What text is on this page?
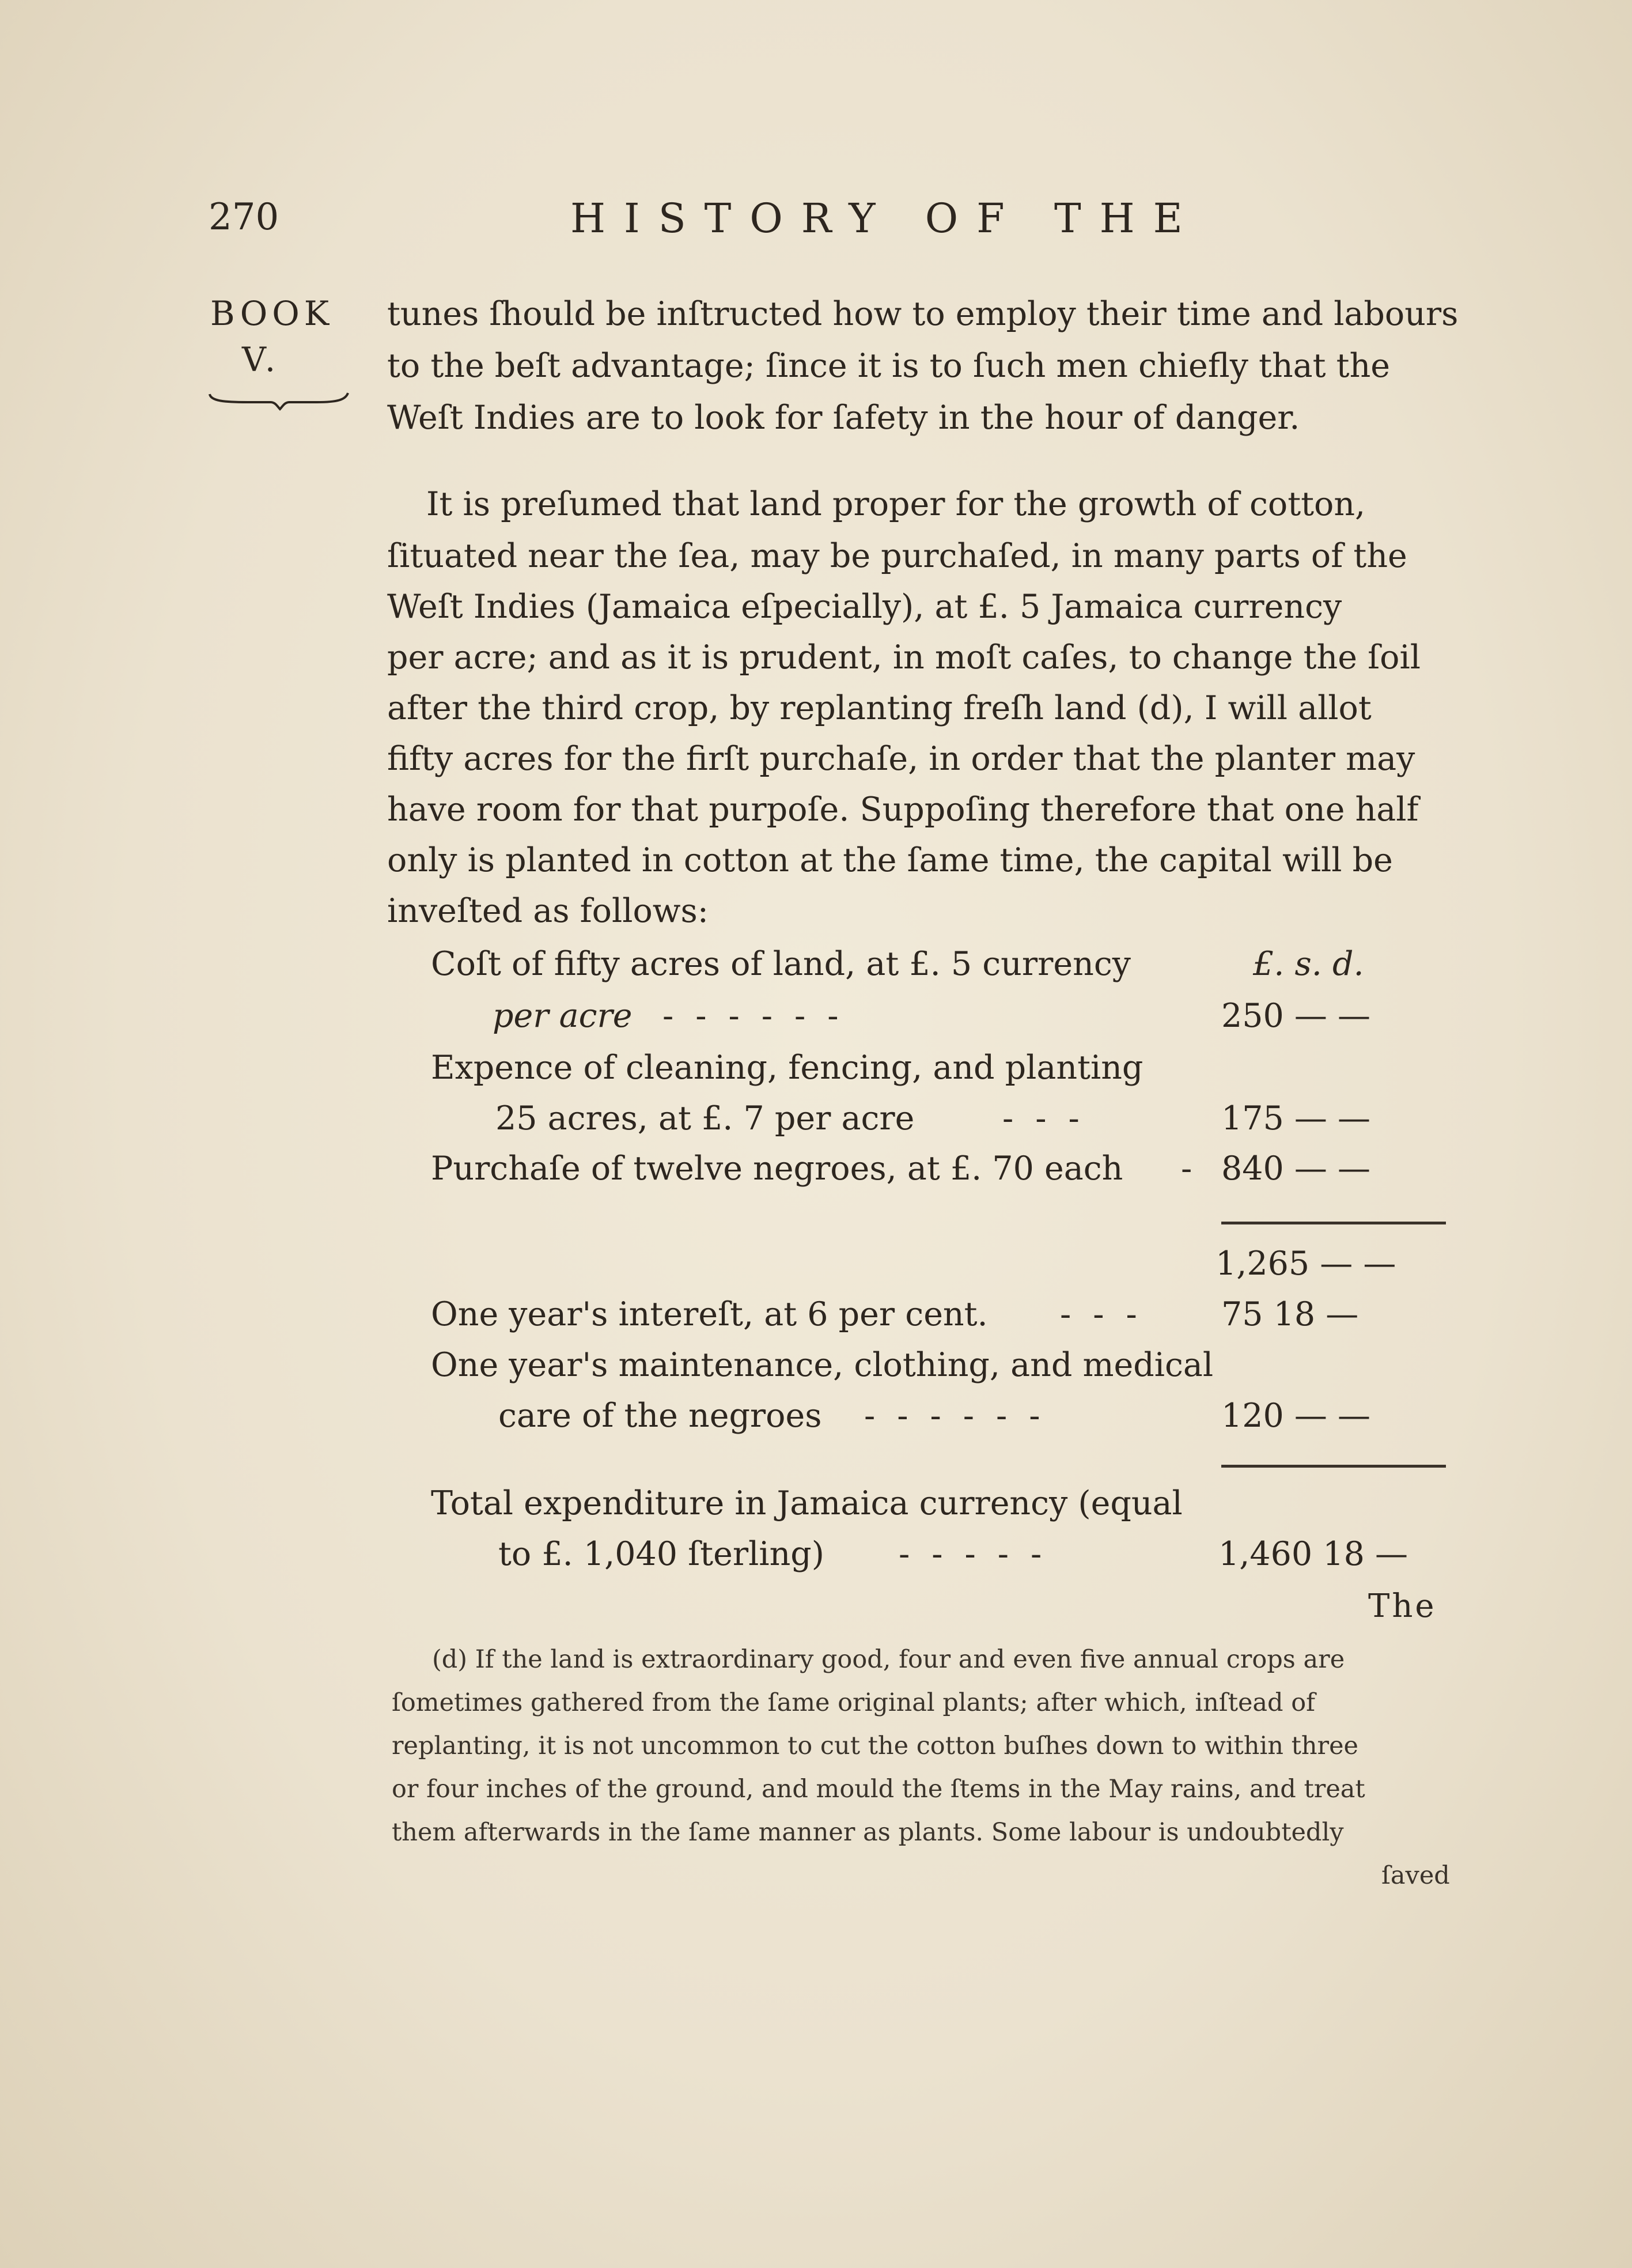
270	HISTORY OF THE
BOOK
V.
tunes ſhould be inſtructed how to employ their time and labours
to the beſt advantage; ſince it is to ſuch men chiefly that the
Weſt Indies are to look for ſafety in the hour of danger.
It is preſumed that land proper for the growth of cotton,
ſituated near the ſea, may be purchaſed, in many parts of the
Weſt Indies (Jamaica eſpecially), at £. 5 Jamaica currency
per acre; and as it is prudent, in moſt caſes, to change the ſoil
after the third crop, by replanting freſh land (d), I will allot
fifty acres for the firſt purchaſe, in order that the planter may
have room for that purpoſe. Suppoſing therefore that one half
only is planted in cotton at the ſame time, the capital will be
inveſted as follows:
£. s. d.
Coſt of fifty acres of land, at £. 5 currency
per acre ------	250 — —
Expence of cleaning, fencing, and planting
25 acres, at £. 7 per acre	---	175 — —
Purchaſe of twelve negroes, at £. 70 each - 840 — —
1,265 — —
One year's intereſt, at 6 per cent. --- 75 18 —
One year's maintenance, clothing, and medical
care of the negroes ------	120 — —
Total expenditure in Jamaica currency (equal
to £. 1,040 ſterling) -----	1,460 18 —
The
(d) If the land is extraordinary good, four and even five annual crops are
ſometimes gathered from the ſame original plants; after which, inſtead of
replanting, it is not uncommon to cut the cotton buſhes down to within three
or four inches of the ground, and mould the ſtems in the May rains, and treat
them afterwards in the ſame manner as plants. Some labour is undoubtedly
ſaved
